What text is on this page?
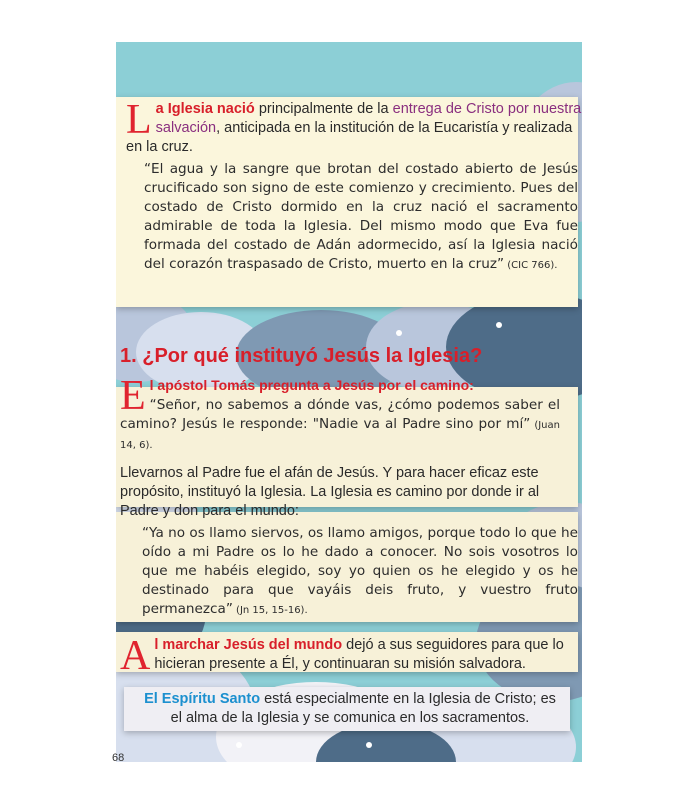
L a Iglesia nació principalmente de la entrega de Cristo por nuestra salvación, anticipada en la institución de la Eucaristía y realizada en la cruz.
“El agua y la sangre que brotan del costado abierto de Jesús crucificado son signo de este comienzo y crecimiento. Pues del costado de Cristo dormido en la cruz nació el sacramento admirable de toda la Iglesia. Del mismo modo que Eva fue formada del costado de Adán adormecido, así la Iglesia nació del corazón traspasado de Cristo, muerto en la cruz” (CIC 766).
1. ¿Por qué instituyó Jesús la Iglesia?
E l apóstol Tomás pregunta a Jesús por el camino:
“Señor, no sabemos a dónde vas, ¿cómo podemos saber el camino? Jesús le responde: "Nadie va al Padre sino por mí” (Juan 14, 6).
Llevarnos al Padre fue el afán de Jesús. Y para hacer eficaz este propósito, instituyó la Iglesia. La Iglesia es camino por donde ir al Padre y don para el mundo:
“Ya no os llamo siervos, os llamo amigos, porque todo lo que he oído a mi Padre os lo he dado a conocer. No sois vosotros lo que me habéis elegido, soy yo quien os he elegido y os he destinado para que vayáis deis fruto, y vuestro fruto permanezca” (Jn 15, 15-16).
A l marchar Jesús del mundo dejó a sus seguidores para que lo hicieran presente a Él, y continuaran su misión salvadora.
El Espíritu Santo está especialmente en la Iglesia de Cristo; es el alma de la Iglesia y se comunica en los sacramentos.
68
